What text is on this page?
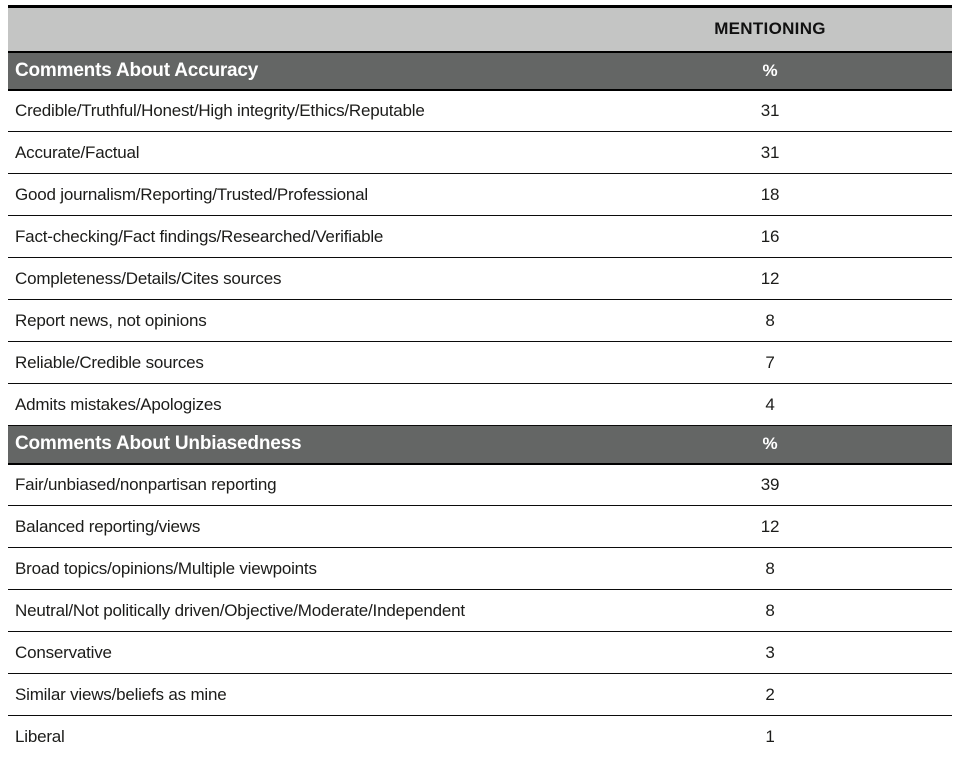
	MENTIONING
Comments About Accuracy	%
Credible/Truthful/Honest/High integrity/Ethics/Reputable	31
Accurate/Factual	31
Good journalism/Reporting/Trusted/Professional	18
Fact-checking/Fact findings/Researched/Verifiable	16
Completeness/Details/Cites sources	12
Report news, not opinions	8
Reliable/Credible sources	7
Admits mistakes/Apologizes	4
Comments About Unbiasedness	%
Fair/unbiased/nonpartisan reporting	39
Balanced reporting/views	12
Broad topics/opinions/Multiple viewpoints	8
Neutral/Not politically driven/Objective/Moderate/Independent	8
Conservative	3
Similar views/beliefs as mine	2
Liberal	1
